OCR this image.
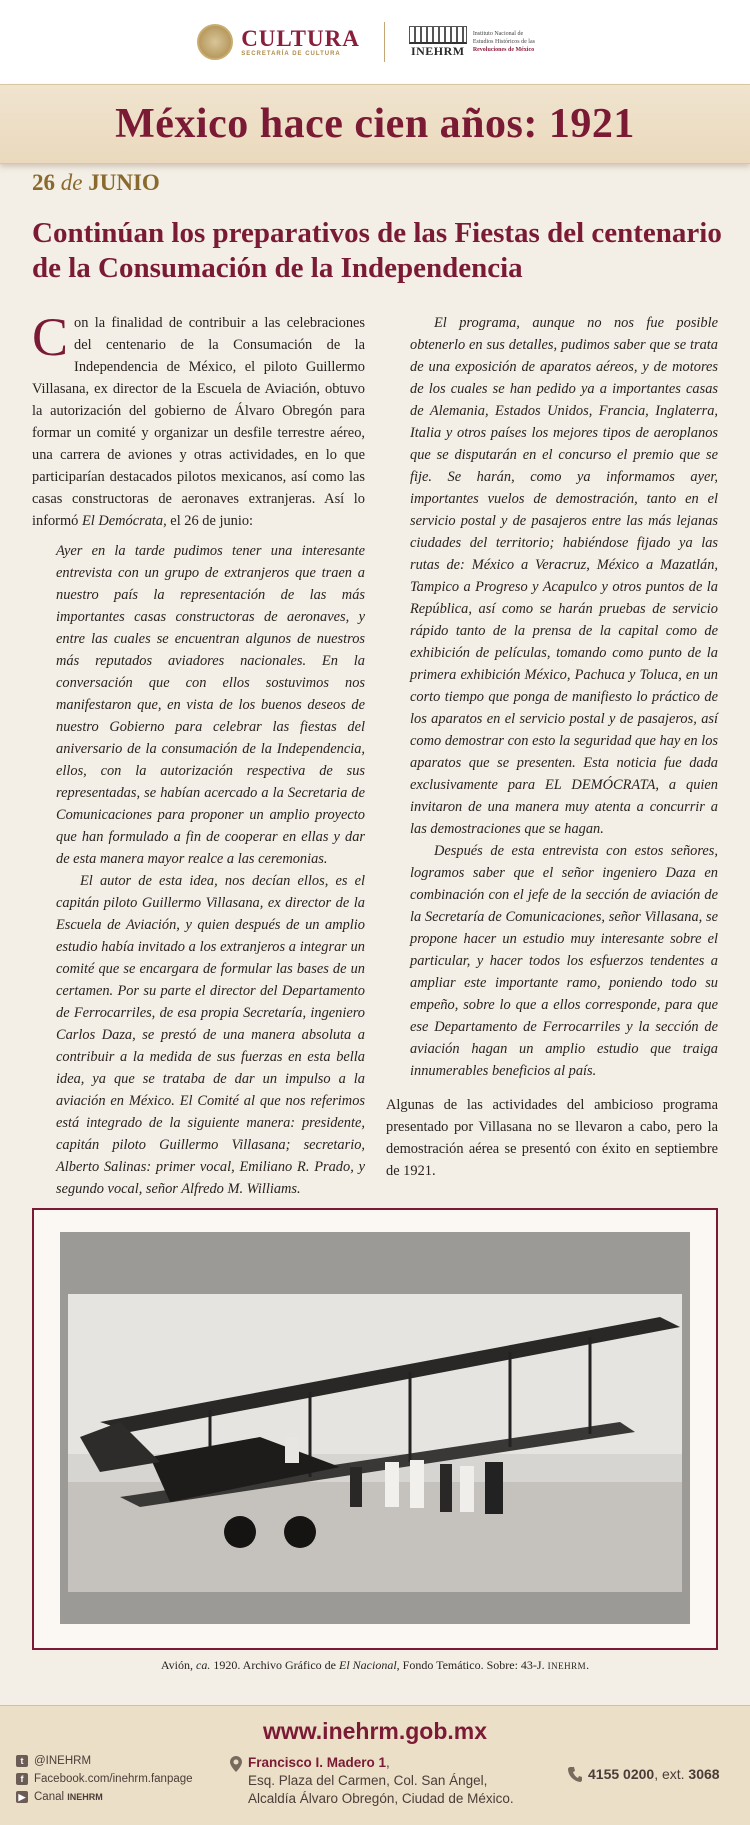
CULTURA
SECRETARÍA DE CULTURA	INEHRM
Instituto Nacional de
Estudios Históricos de las
Revoluciones de México
México hace cien años: 1921
26 de JUNIO
Continúan los preparativos de las Fiestas del centenario de la Consumación de la Independencia

Con la finalidad de contribuir a las celebraciones del centenario de la Consumación de la Independencia de México, el piloto Guillermo Villasana, ex director de la Escuela de Aviación, obtuvo la autorización del gobierno de Álvaro Obregón para formar un comité y organizar un desfile terrestre aéreo, una carrera de aviones y otras actividades, en lo que participarían destacados pilotos mexicanos, así como las casas constructoras de aeronaves extranjeras. Así lo informó El Demócrata, el 26 de junio:

Ayer en la tarde pudimos tener una interesante entrevista con un grupo de extranjeros que traen a nuestro país la representación de las más importantes casas constructoras de aeronaves, y entre las cuales se encuentran algunos de nuestros más reputados aviadores nacionales. En la conversación que con ellos sostuvimos nos manifestaron que, en vista de los buenos deseos de nuestro Gobierno para celebrar las fiestas del aniversario de la consumación de la Independencia, ellos, con la autorización respectiva de sus representadas, se habían acercado a la Secretaria de Comunicaciones para proponer un amplio proyecto que han formulado a fin de cooperar en ellas y dar de esta manera mayor realce a las ceremonias.

El autor de esta idea, nos decían ellos, es el capitán piloto Guillermo Villasana, ex director de la Escuela de Aviación, y quien después de un amplio estudio había invitado a los extranjeros a integrar un comité que se encargara de formular las bases de un certamen. Por su parte el director del Departamento de Ferrocarriles, de esa propia Secretaría, ingeniero Carlos Daza, se prestó de una manera absoluta a contribuir a la medida de sus fuerzas en esta bella idea, ya que se trataba de dar un impulso a la aviación en México. El Comité al que nos referimos está integrado de la siguiente manera: presidente, capitán piloto Guillermo Villasana; secretario, Alberto Salinas: primer vocal, Emiliano R. Prado, y segundo vocal, señor Alfredo M. Williams.

El programa, aunque no nos fue posible obtenerlo en sus detalles, pudimos saber que se trata de una exposición de aparatos aéreos, y de motores de los cuales se han pedido ya a importantes casas de Alemania, Estados Unidos, Francia, Inglaterra, Italia y otros países los mejores tipos de aeroplanos que se disputarán en el concurso el premio que se fije. Se harán, como ya informamos ayer, importantes vuelos de demostración, tanto en el servicio postal y de pasajeros entre las más lejanas ciudades del territorio; habiéndose fijado ya las rutas de: México a Veracruz, México a Mazatlán, Tampico a Progreso y Acapulco y otros puntos de la República, así como se harán pruebas de servicio rápido tanto de la prensa de la capital como de exhibición de películas, tomando como punto de la primera exhibición México, Pachuca y Toluca, en un corto tiempo que ponga de manifiesto lo práctico de los aparatos en el servicio postal y de pasajeros, así como demostrar con esto la seguridad que hay en los aparatos que se presenten. Esta noticia fue dada exclusivamente para EL DEMÓCRATA, a quien invitaron de una manera muy atenta a concurrir a las demostraciones que se hagan.

Después de esta entrevista con estos señores, logramos saber que el señor ingeniero Daza en combinación con el jefe de la sección de aviación de la Secretaría de Comunicaciones, señor Villasana, se propone hacer un estudio muy interesante sobre el particular, y hacer todos los esfuerzos tendentes a ampliar este importante ramo, poniendo todo su empeño, sobre lo que a ellos corresponde, para que ese Departamento de Ferrocarriles y la sección de aviación hagan un amplio estudio que traiga innumerables beneficios al país.

Algunas de las actividades del ambicioso programa presentado por Villasana no se llevaron a cabo, pero la demostración aérea se presentó con éxito en septiembre de 1921.

Avión, ca. 1920. Archivo Gráfico de El Nacional, Fondo Temático. Sobre: 43-J. INEHRM.
www.inehrm.gob.mx
t @INEHRM
f Facebook.com/inehrm.fanpage
▶ Canal INEHRM
Francisco I. Madero 1,
Esq. Plaza del Carmen, Col. San Ángel,
Alcaldía Álvaro Obregón, Ciudad de México.
4155 0200, ext. 3068
